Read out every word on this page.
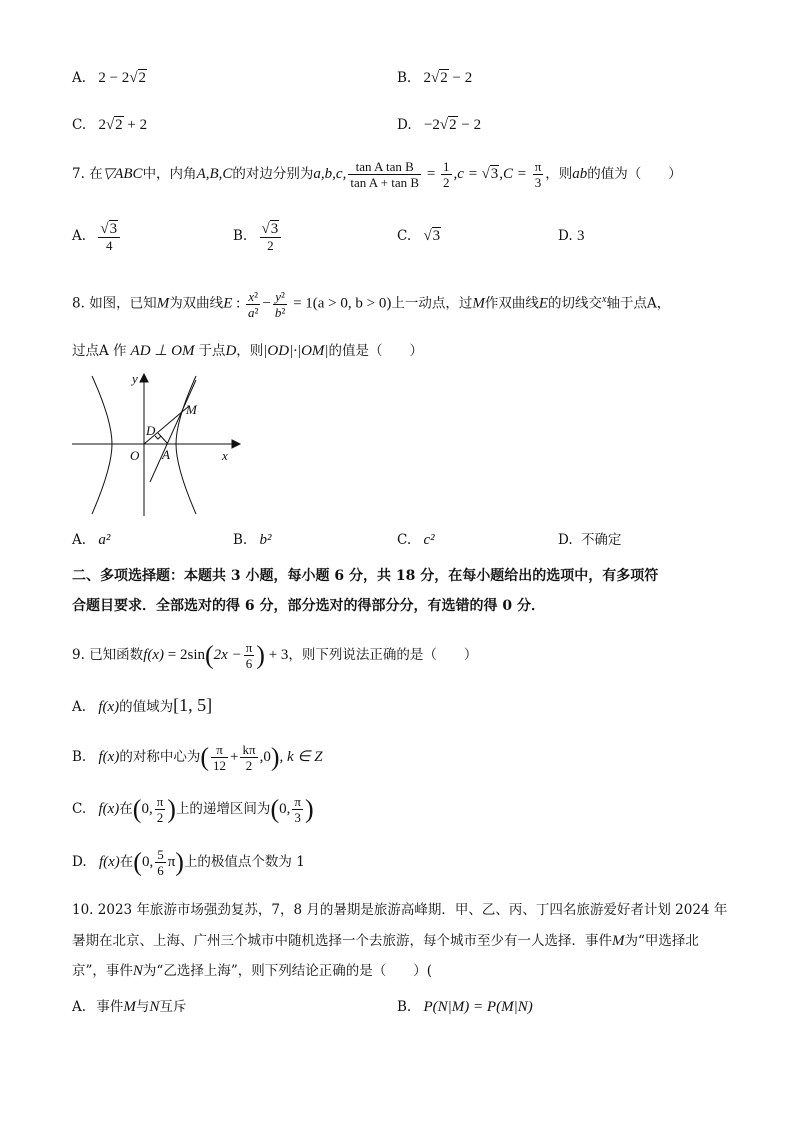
A. 2 − 2√2	B. 2√2 − 2
C. 2√2 + 2	D. −2√2 − 2
7. 在▽ABC中，内角A,B,C的对边分别为a,b,c, $\frac{\text{tan A tan B}}{\text{tan A + tan B}} = \frac{1}{2} ,c = √3,C = \frac{\pi}{3}$ ，则ab的值为（　　）
A. $\frac{√3}{4}$	B. $\frac{√3}{2}$	C. √3	D. 3
8. 如图，已知M为双曲线E : $\frac{\text{x²}}{\text{a²}} - \frac{\text{y²}}{\text{b²}} = 1(a > 0$, b > 0)上一动点，过M作双曲线E的切线交$^x$轴于点A，
过点A 作 AD ⊥ OM 于点D，则|OD|·|OM|的值是（　　）
y
x
O A
D
M
A. a²	B. b²	C. c²	D. 不确定
二、多项选择题：本题共 3 小题，每小题 6 分，共 18 分，在每小题给出的选项中，有多项符
合题目要求．全部选对的得 6 分，部分选对的得部分分，有选错的得 0 分．
9. 已知函数$f(x) = 2\sin(2x - \frac{\pi}{6}$ ) + 3，则下列说法正确的是（　　）
A. f(x)的值域为[1, 5]
B. f(x)的对称中心为( $\frac{\pi}{12} + \frac{k\pi}{2} ,0$), k ∈ Z
C. f(x)在(0, $\frac{\pi}{2}$ )上的递增区间为(0, $\frac{\pi}{3}$ )
D. f(x)在(0, $\frac{5}{6} \pi$)上的极值点个数为 1
10. 2023 年旅游市场强劲复苏，7，8 月的暑期是旅游高峰期．甲、乙、丙、丁四名旅游爱好者计划 2024 年
暑期在北京、上海、广州三个城市中随机选择一个去旅游，每个城市至少有一人选择．事件M为“甲选择北
京”，事件N为“乙选择上海”，则下列结论正确的是（　　）(
A. 事件M与N互斥	B. P(N|M) = P(M|N)
